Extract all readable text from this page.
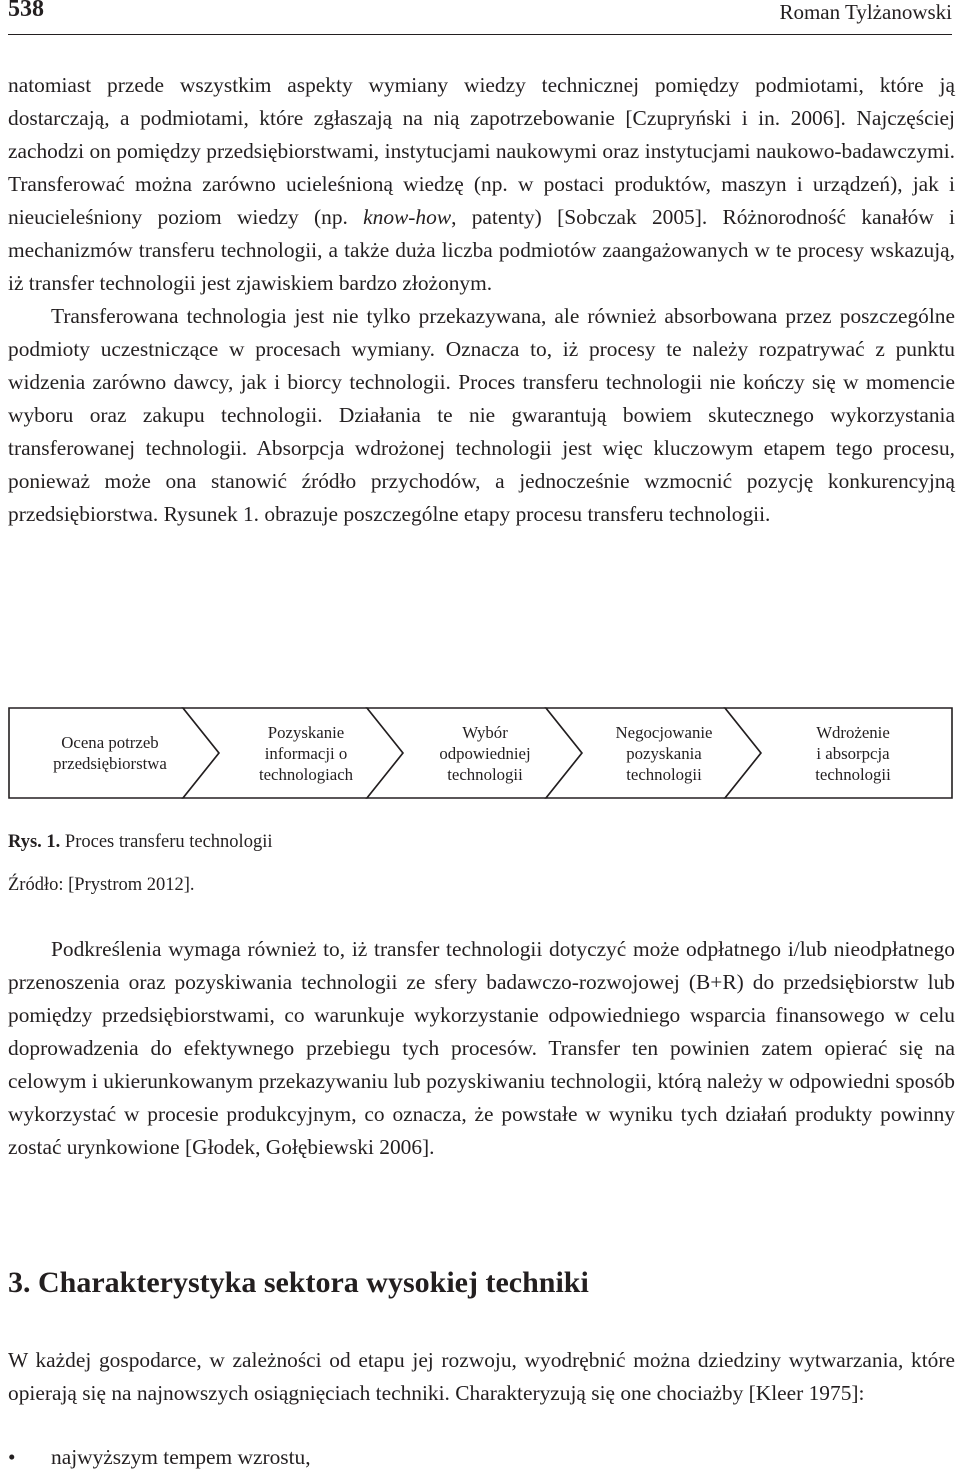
538	Roman Tylżanowski

natomiast przede wszystkim aspekty wymiany wiedzy technicznej pomiędzy podmiotami, które ją dostarczają, a podmiotami, które zgłaszają na nią zapotrzebowanie [Czupryński i in. 2006]. Najczęściej zachodzi on pomiędzy przedsiębiorstwami, instytucjami naukowymi oraz instytucjami naukowo-badawczymi. Transferować można zarówno ucieleśnioną wiedzę (np. w postaci produktów, maszyn i urządzeń), jak i nieucieleśniony poziom wiedzy (np. know-how, patenty) [Sobczak 2005]. Różnorodność kanałów i mechanizmów transferu technologii, a także duża liczba podmiotów zaangażowanych w te procesy wskazują, iż transfer technologii jest zjawiskiem bardzo złożonym.

Transferowana technologia jest nie tylko przekazywana, ale również absorbowana przez poszczególne podmioty uczestniczące w procesach wymiany. Oznacza to, iż procesy te należy rozpatrywać z punktu widzenia zarówno dawcy, jak i biorcy technologii. Proces transferu technologii nie kończy się w momencie wyboru oraz zakupu technologii. Działania te nie gwarantują bowiem skutecznego wykorzystania transferowanej technologii. Absorpcja wdrożonej technologii jest więc kluczowym etapem tego procesu, ponieważ może ona stanowić źródło przychodów, a jednocześnie wzmocnić pozycję konkurencyjną przedsiębiorstwa. Rysunek 1. obrazuje poszczególne etapy procesu transferu technologii.

Ocena potrzeb
przedsiębiorstwa
Pozyskanie
informacji o
technologiach
Wybór
odpowiedniej
technologii
Negocjowanie
pozyskania
technologii
Wdrożenie
i absorpcja
technologii
Rys. 1. Proces transferu technologii
Źródło: [Prystrom 2012].

Podkreślenia wymaga również to, iż transfer technologii dotyczyć może odpłatnego i/lub nieodpłatnego przenoszenia oraz pozyskiwania technologii ze sfery badawczo-rozwojowej (B+R) do przedsiębiorstw lub pomiędzy przedsiębiorstwami, co warunkuje wykorzystanie odpowiedniego wsparcia finansowego w celu doprowadzenia do efektywnego przebiegu tych procesów. Transfer ten powinien zatem opierać się na celowym i ukierunkowanym przekazywaniu lub pozyskiwaniu technologii, którą należy w odpowiedni sposób wykorzystać w procesie produkcyjnym, co oznacza, że powstałe w wyniku tych działań produkty powinny zostać urynkowione [Głodek, Gołębiewski 2006].

3. Charakterystyka sektora wysokiej techniki

W każdej gospodarce, w zależności od etapu jej rozwoju, wyodrębnić można dziedziny wytwarzania, które opierają się na najnowszych osiągnięciach techniki. Charakteryzują się one chociażby [Kleer 1975]:

• najwyższym tempem wzrostu,
